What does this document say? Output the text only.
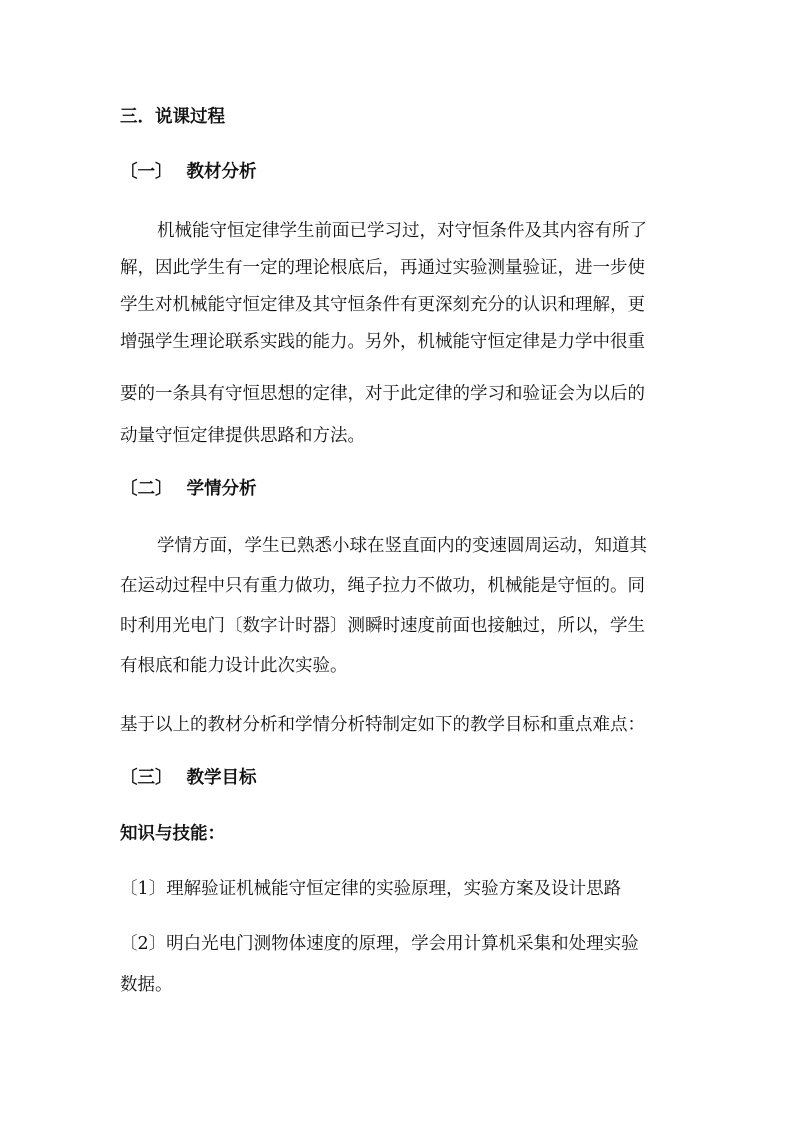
三．说课过程
〔一〕 教材分析
机械能守恒定律学生前面已学习过，对守恒条件及其内容有所了
解，因此学生有一定的理论根底后，再通过实验测量验证，进一步使
学生对机械能守恒定律及其守恒条件有更深刻充分的认识和理解，更
增强学生理论联系实践的能力。另外，机械能守恒定律是力学中很重
要的一条具有守恒思想的定律，对于此定律的学习和验证会为以后的
动量守恒定律提供思路和方法。
〔二〕 学情分析
学情方面，学生已熟悉小球在竖直面内的变速圆周运动，知道其
在运动过程中只有重力做功，绳子拉力不做功，机械能是守恒的。同
时利用光电门〔数字计时器〕测瞬时速度前面也接触过，所以，学生
有根底和能力设计此次实验。
基于以上的教材分析和学情分析特制定如下的教学目标和重点难点：
〔三〕 教学目标
知识与技能：
〔1〕理解验证机械能守恒定律的实验原理，实验方案及设计思路
〔2〕明白光电门测物体速度的原理，学会用计算机采集和处理实验
数据。
